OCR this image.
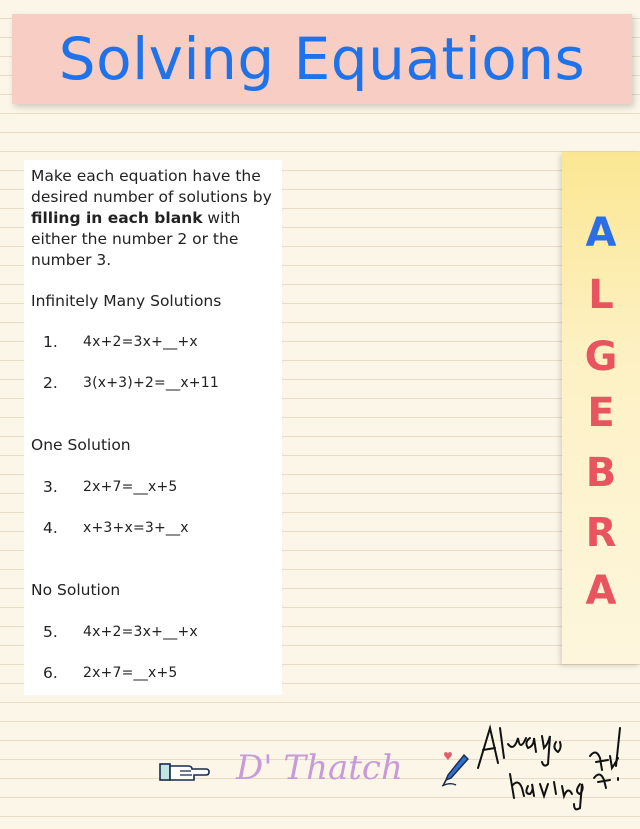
Solving Equations

Make each equation have the desired number of solutions by filling in each blank with either the number 2 or the number 3.

Infinitely Many Solutions

1.	4x+2=3x+__+x
2.	3(x+3)+2=__x+11

One Solution

3.	2x+7=__x+5
4.	x+3+x=3+__x

No Solution

5.	4x+2=3x+__+x
6.	2x+7=__x+5
A
L
G
E
B
R
A
D' Thatch	♥
